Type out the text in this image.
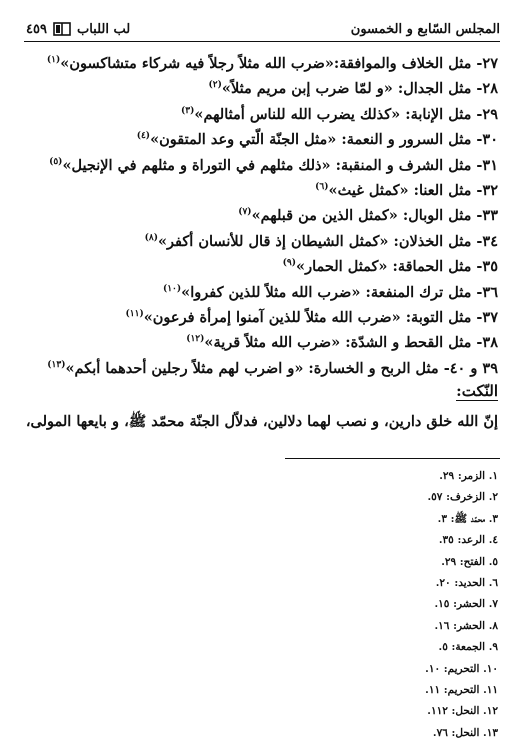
المجلس السّابع و الخمسون
لب اللباب
٤٥٩
٢٧- مثل الخلاف والموافقة:«ضرب الله مثلاً رجلاً فيه شركاء متشاكسون»$^{(١)}$
٢٨- مثل الجدال: «و لمّا ضرب إبن مريم مثلاً»$^{(٢)}$
٢٩- مثل الإنابة: «كذلك يضرب الله للناس أمثالهم»$^{(٣)}$
٣٠- مثل السرور و النعمة: «مثل الجنّة الّتي وعد المتقون»$^{(٤)}$
٣١- مثل الشرف و المنقبة: «ذلك مثلهم في التوراة و مثلهم في الإنجيل»$^{(٥)}$
٣٢- مثل العنا: «كمثل غيث»$^{(٦)}$
٣٣- مثل الوبال: «كمثل الذين من قبلهم»$^{(٧)}$
٣٤- مثل الخذلان: «كمثل الشيطان إذ قال للأنسان أكفر»$^{(٨)}$
٣٥- مثل الحماقة: «كمثل الحمار»$^{(٩)}$
٣٦- مثل ترك المنفعة: «ضرب الله مثلاً للذين كفروا»$^{(١٠)}$
٣٧- مثل التوبة: «ضرب الله مثلاً للذين آمنوا إمرأة فرعون»$^{(١١)}$
٣٨- مثل القحط و الشدّة: «ضرب الله مثلاً قرية»$^{(١٢)}$
٣٩ و ٤٠- مثل الربح و الخسارة: «و اضرب لهم مثلاً رجلين أحدهما أبكم»$^{(١٣)}$
النّكت:
إنّ الله خلق دارين، و نصب لهما دلالين، فدلاّل الجنّة محمّد ﷺ، و بايعها المولى،
١. الزمر: ٢٩.
٢. الزخرف: ٥٧.
٣. محمّد ﷺ: ٣.
٤. الرعد: ٣٥.
٥. الفتح: ٢٩.
٦. الحديد: ٢٠.
٧. الحشر: ١٥.
٨. الحشر: ١٦.
٩. الجمعة: ٥.
١٠. التحريم: ١٠.
١١. التحريم: ١١.
١٢. النحل: ١١٢.
١٣. النحل: ٧٦.
